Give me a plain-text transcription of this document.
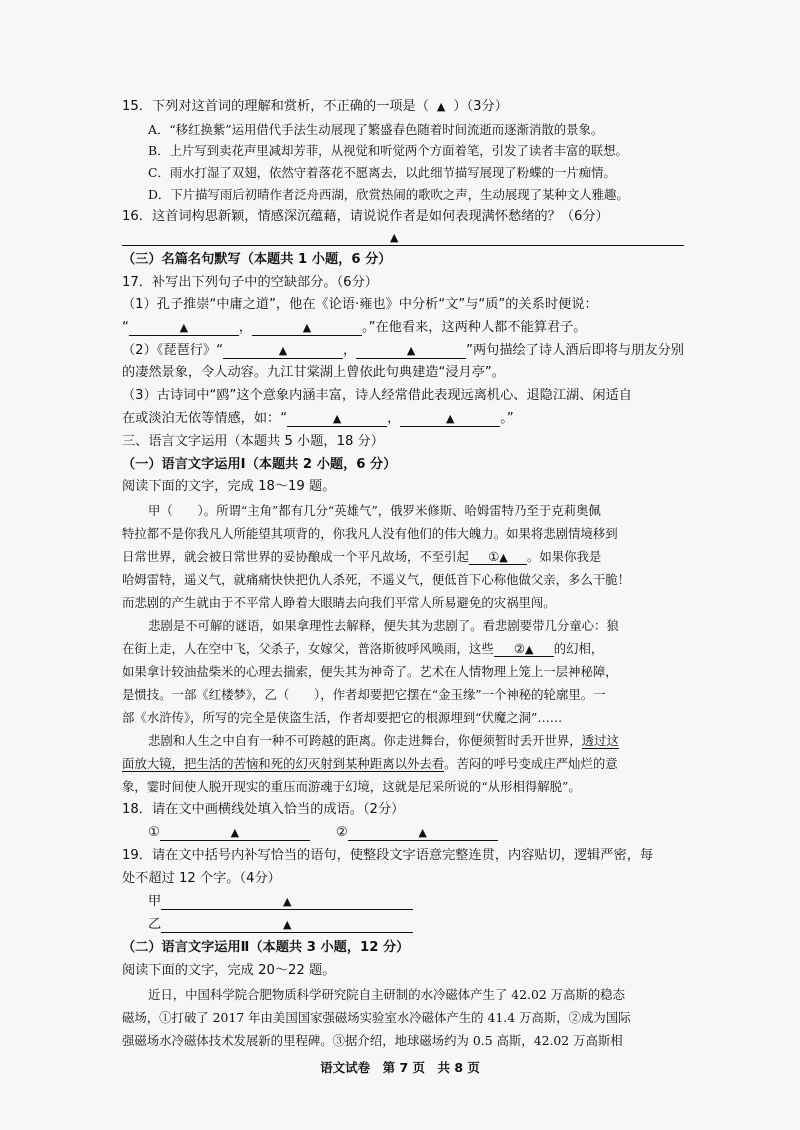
15．下列对这首词的理解和赏析，不正确的一项是（ ▲ ）（3分）
A．“移红换紫”运用借代手法生动展现了繁盛春色随着时间流逝而逐渐消散的景象。
B．上片写到卖花声里减却芳菲，从视觉和听觉两个方面着笔，引发了读者丰富的联想。
C．雨水打湿了双翅，依然守着落花不愿离去，以此细节描写展现了粉蝶的一片痴情。
D．下片描写雨后初晴作者泛舟西湖，欣赏热闹的歌吹之声，生动展现了某种文人雅趣。
16．这首词构思新颖，情感深沉蕴藉，请说说作者是如何表现满怀愁绪的？（6分）
▲
（三）名篇名句默写（本题共 1 小题，6 分）
17．补写出下列句子中的空缺部分。（6分）
（1）孔子推崇“中庸之道”，他在《论语·雍也》中分析“文”与“质”的关系时便说：
“	▲	，	▲	。”在他看来，这两种人都不能算君子。
（2）《琵琶行》“	▲	，	▲	”两句描绘了诗人酒后即将与朋友分别
的凄然景象，令人动容。九江甘棠湖上曾依此句典建造“浸月亭”。
（3）古诗词中“鸥”这个意象内涵丰富，诗人经常借此表现远离机心、退隐江湖、闲适自
在或淡泊无依等情感，如：“	▲	，	▲	。”
三、语言文字运用（本题共 5 小题，18 分）
（一）语言文字运用Ⅰ（本题共 2 小题，6 分）
阅读下面的文字，完成 18～19 题。
甲（　　）。所谓“主角”都有几分“英雄气”，俄罗米修斯、哈姆雷特乃至于克莉奥佩
特拉都不是你我凡人所能望其项背的，你我凡人没有他们的伟大魄力。如果将悲剧情境移到
日常世界，就会被日常世界的妥协酿成一个平凡故场，不至引起 ①▲ 。如果你我是
哈姆雷特，遥义气，就痛痛快快把仇人杀死，不遥义气，便低首下心称他做父亲，多么干脆！
而悲剧的产生就由于不平常人睁着大眼睛去向我们平常人所易避免的灾祸里闯。
悲剧是不可解的谜语，如果拿理性去解释，便失其为悲剧了。看悲剧要带几分童心：狼
在街上走，人在空中飞，父杀子，女嫁父，普洛斯彼呼风唤雨，这些 ②▲ 的幻相，
如果拿计较油盐柴米的心理去揣索，便失其为神奇了。艺术在人情物理上笼上一层神秘障，
是惯技。一部《红楼梦》，乙（　　），作者却要把它摆在“金玉缘”一个神秘的轮廓里。一
部《水浒传》，所写的完全是侠盗生活，作者却要把它的根源埋到“伏魔之洞”……
悲剧和人生之中自有一种不可跨越的距离。你走进舞台，你便须暂时丢开世界，透过这
面放大镜，把生活的苦恼和死的幻灭射到某种距离以外去看。苦闷的呼号变成庄严灿烂的意
象，霎时间使人脱开现实的重压而游魂于幻境，这就是尼采所说的“从形相得解脱”。
18．请在文中画横线处填入恰当的成语。（2分）
①	▲	②	▲
19．请在文中括号内补写恰当的语句，使整段文字语意完整连贯，内容贴切，逻辑严密，每
处不超过 12 个字。（4分）
甲	▲
乙	▲
（二）语言文字运用Ⅱ（本题共 3 小题，12 分）
阅读下面的文字，完成 20～22 题。
近日，中国科学院合肥物质科学研究院自主研制的水冷磁体产生了 42.02 万高斯的稳态
磁场，①打破了 2017 年由美国国家强磁场实验室水冷磁体产生的 41.4 万高斯，②成为国际
强磁场水冷磁体技术发展新的里程碑。③据介绍，地球磁场约为 0.5 高斯，42.02 万高斯相
语文试卷　第 7 页　共 8 页
